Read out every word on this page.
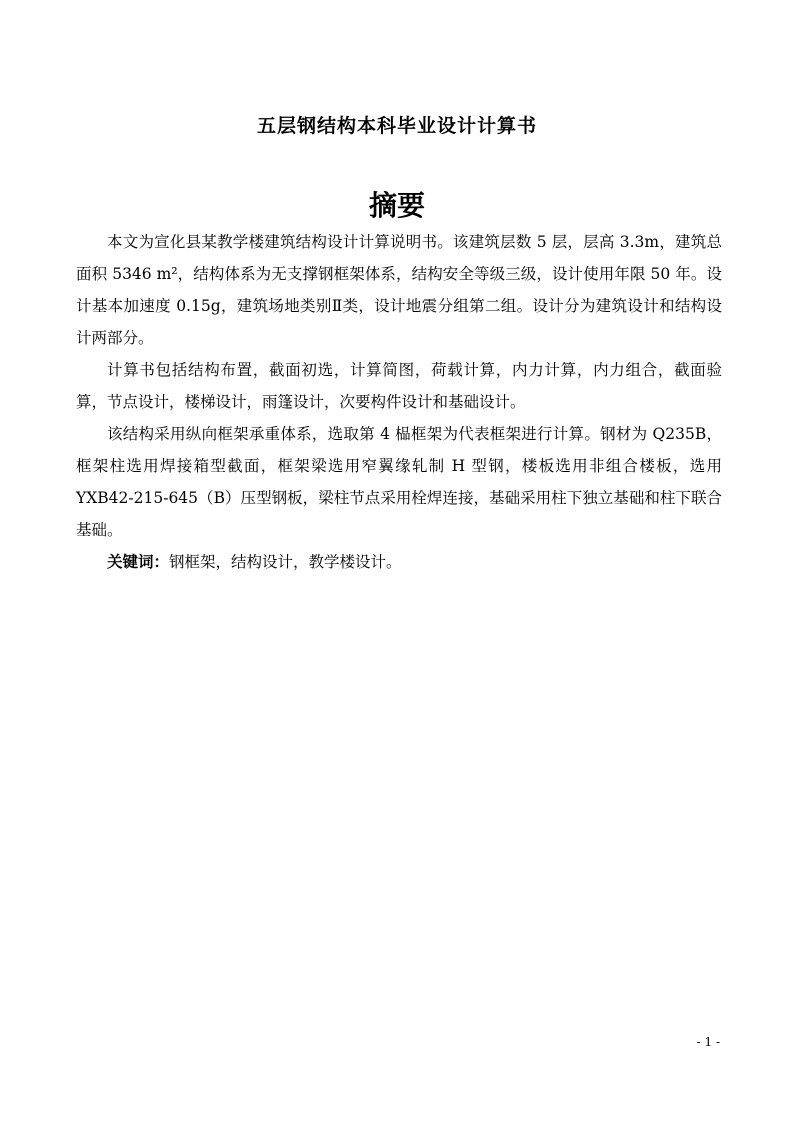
五层钢结构本科毕业设计计算书
摘要

本文为宣化县某教学楼建筑结构设计计算说明书。该建筑层数 5 层，层高 3.3m，建筑总面积 5346 m²，结构体系为无支撑钢框架体系，结构安全等级三级，设计使用年限 50 年。设计基本加速度 0.15g，建筑场地类别Ⅱ类，设计地震分组第二组。设计分为建筑设计和结构设计两部分。

计算书包括结构布置，截面初选，计算简图，荷载计算，内力计算，内力组合，截面验算，节点设计，楼梯设计，雨篷设计，次要构件设计和基础设计。

该结构采用纵向框架承重体系，选取第 4 榀框架为代表框架进行计算。钢材为 Q235B，框架柱选用焊接箱型截面，框架梁选用窄翼缘轧制 H 型钢，楼板选用非组合楼板，选用 YXB42-215-645（B）压型钢板，梁柱节点采用栓焊连接，基础采用柱下独立基础和柱下联合基础。

关键词：钢框架，结构设计，教学楼设计。

- 1 -
